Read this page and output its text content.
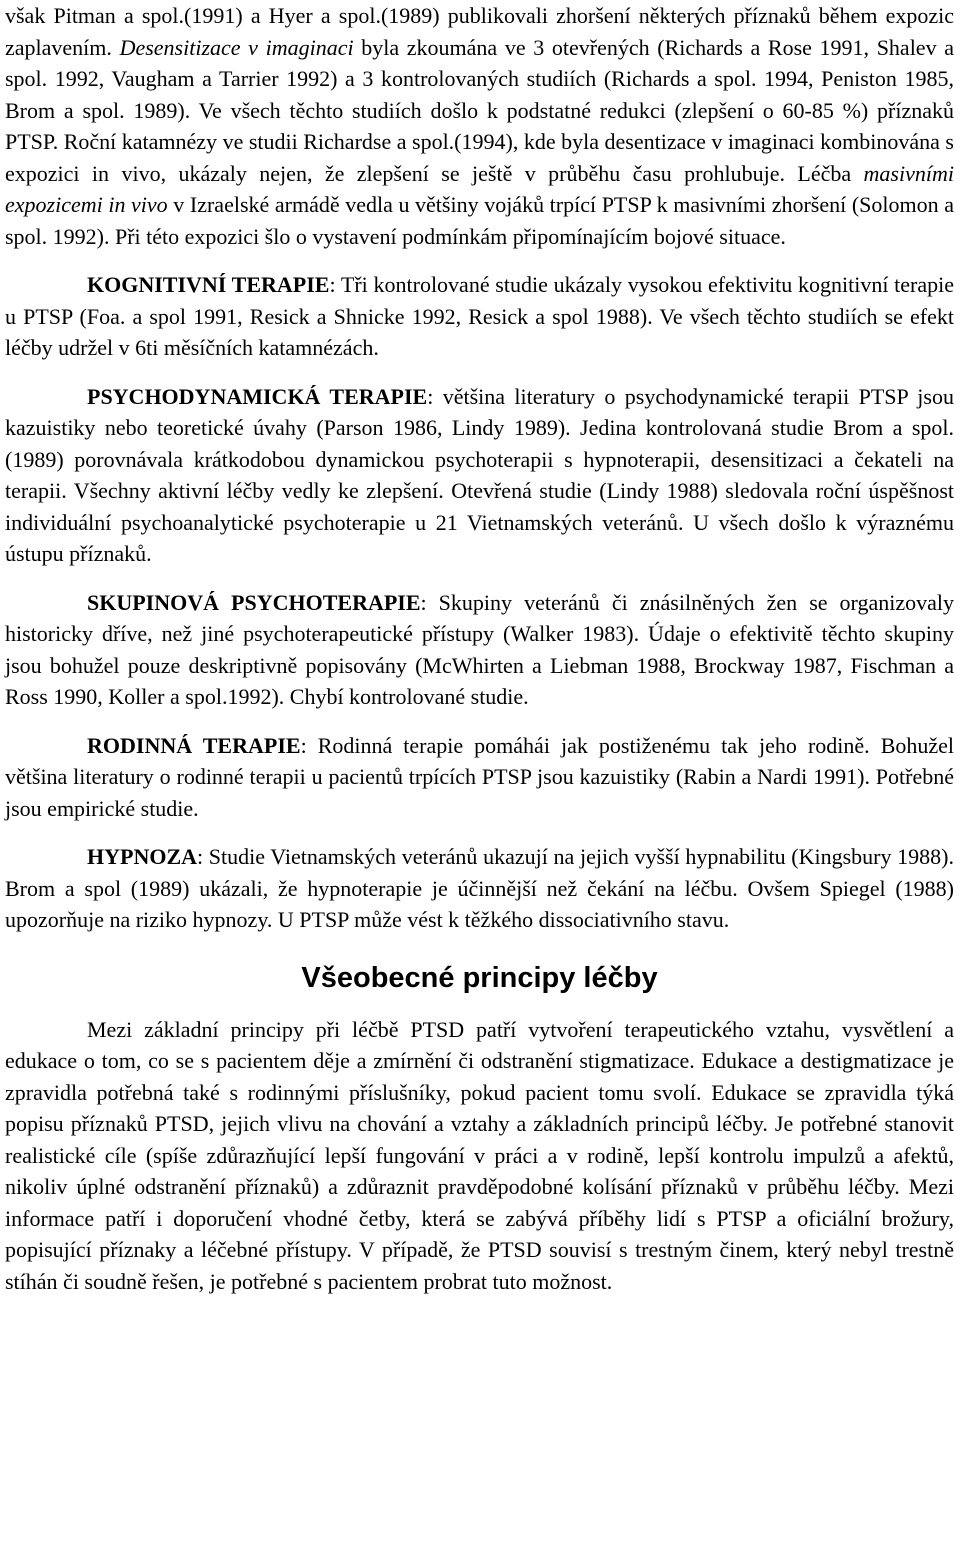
však Pitman a spol.(1991) a Hyer a spol.(1989) publikovali zhoršení některých příznaků během expozic zaplavením. Desensitizace v imaginaci byla zkoumána ve 3 otevřených (Richards a Rose 1991, Shalev a spol. 1992, Vaugham a Tarrier 1992) a 3 kontrolovaných studiích (Richards a spol. 1994, Peniston 1985, Brom a spol. 1989). Ve všech těchto studiích došlo k podstatné redukci (zlepšení o 60-85 %) příznaků PTSP. Roční katamnézy ve studii Richardse a spol.(1994), kde byla desentizace v imaginaci kombinována s expozici in vivo, ukázaly nejen, že zlepšení se ještě v průběhu času prohlubuje. Léčba masivními expozicemi in vivo v Izraelské armádě vedla u většiny vojáků trpící PTSP k masivními zhoršení (Solomon a spol. 1992). Při této expozici šlo o vystavení podmínkám připomínajícím bojové situace.

KOGNITIVNÍ TERAPIE: Tři kontrolované studie ukázaly vysokou efektivitu kognitivní terapie u PTSP (Foa. a spol 1991, Resick a Shnicke 1992, Resick a spol 1988). Ve všech těchto studiích se efekt léčby udržel v 6ti měsíčních katamnézách.

PSYCHODYNAMICKÁ TERAPIE: většina literatury o psychodynamické terapii PTSP jsou kazuistiky nebo teoretické úvahy (Parson 1986, Lindy 1989). Jedina kontrolovaná studie Brom a spol. (1989) porovnávala krátkodobou dynamickou psychoterapii s hypnoterapii, desensitizaci a čekateli na terapii. Všechny aktivní léčby vedly ke zlepšení. Otevřená studie (Lindy 1988) sledovala roční úspěšnost individuální psychoanalytické psychoterapie u 21 Vietnamských veteránů. U všech došlo k výraznému ústupu příznaků.

SKUPINOVÁ PSYCHOTERAPIE: Skupiny veteránů či znásilněných žen se organizovaly historicky dříve, než jiné psychoterapeutické přístupy (Walker 1983). Údaje o efektivitě těchto skupiny jsou bohužel pouze deskriptivně popisovány (McWhirten a Liebman 1988, Brockway 1987, Fischman a Ross 1990, Koller a spol.1992). Chybí kontrolované studie.

RODINNÁ TERAPIE: Rodinná terapie pomáhái jak postiženému tak jeho rodině. Bohužel většina literatury o rodinné terapii u pacientů trpících PTSP jsou kazuistiky (Rabin a Nardi 1991). Potřebné jsou empirické studie.

HYPNOZA: Studie Vietnamských veteránů ukazují na jejich vyšší hypnabilitu (Kingsbury 1988). Brom a spol (1989) ukázali, že hypnoterapie je účinnější než čekání na léčbu. Ovšem Spiegel (1988) upozorňuje na riziko hypnozy. U PTSP může vést k těžkého dissociativního stavu.

Všeobecné principy léčby

Mezi základní principy při léčbě PTSD patří vytvoření terapeutického vztahu, vysvětlení a edukace o tom, co se s pacientem děje a zmírnění či odstranění stigmatizace. Edukace a destigmatizace je zpravidla potřebná také s rodinnými příslušníky, pokud pacient tomu svolí. Edukace se zpravidla týká popisu příznaků PTSD, jejich vlivu na chování a vztahy a základních principů léčby. Je potřebné stanovit realistické cíle (spíše zdůrazňující lepší fungování v práci a v rodině, lepší kontrolu impulzů a afektů, nikoliv úplné odstranění příznaků) a zdůraznit pravděpodobné kolísání příznaků v průběhu léčby. Mezi informace patří i doporučení vhodné četby, která se zabývá příběhy lidí s PTSP a oficiální brožury, popisující příznaky a léčebné přístupy. V případě, že PTSD souvisí s trestným činem, který nebyl trestně stíhán či soudně řešen, je potřebné s pacientem probrat tuto možnost.
